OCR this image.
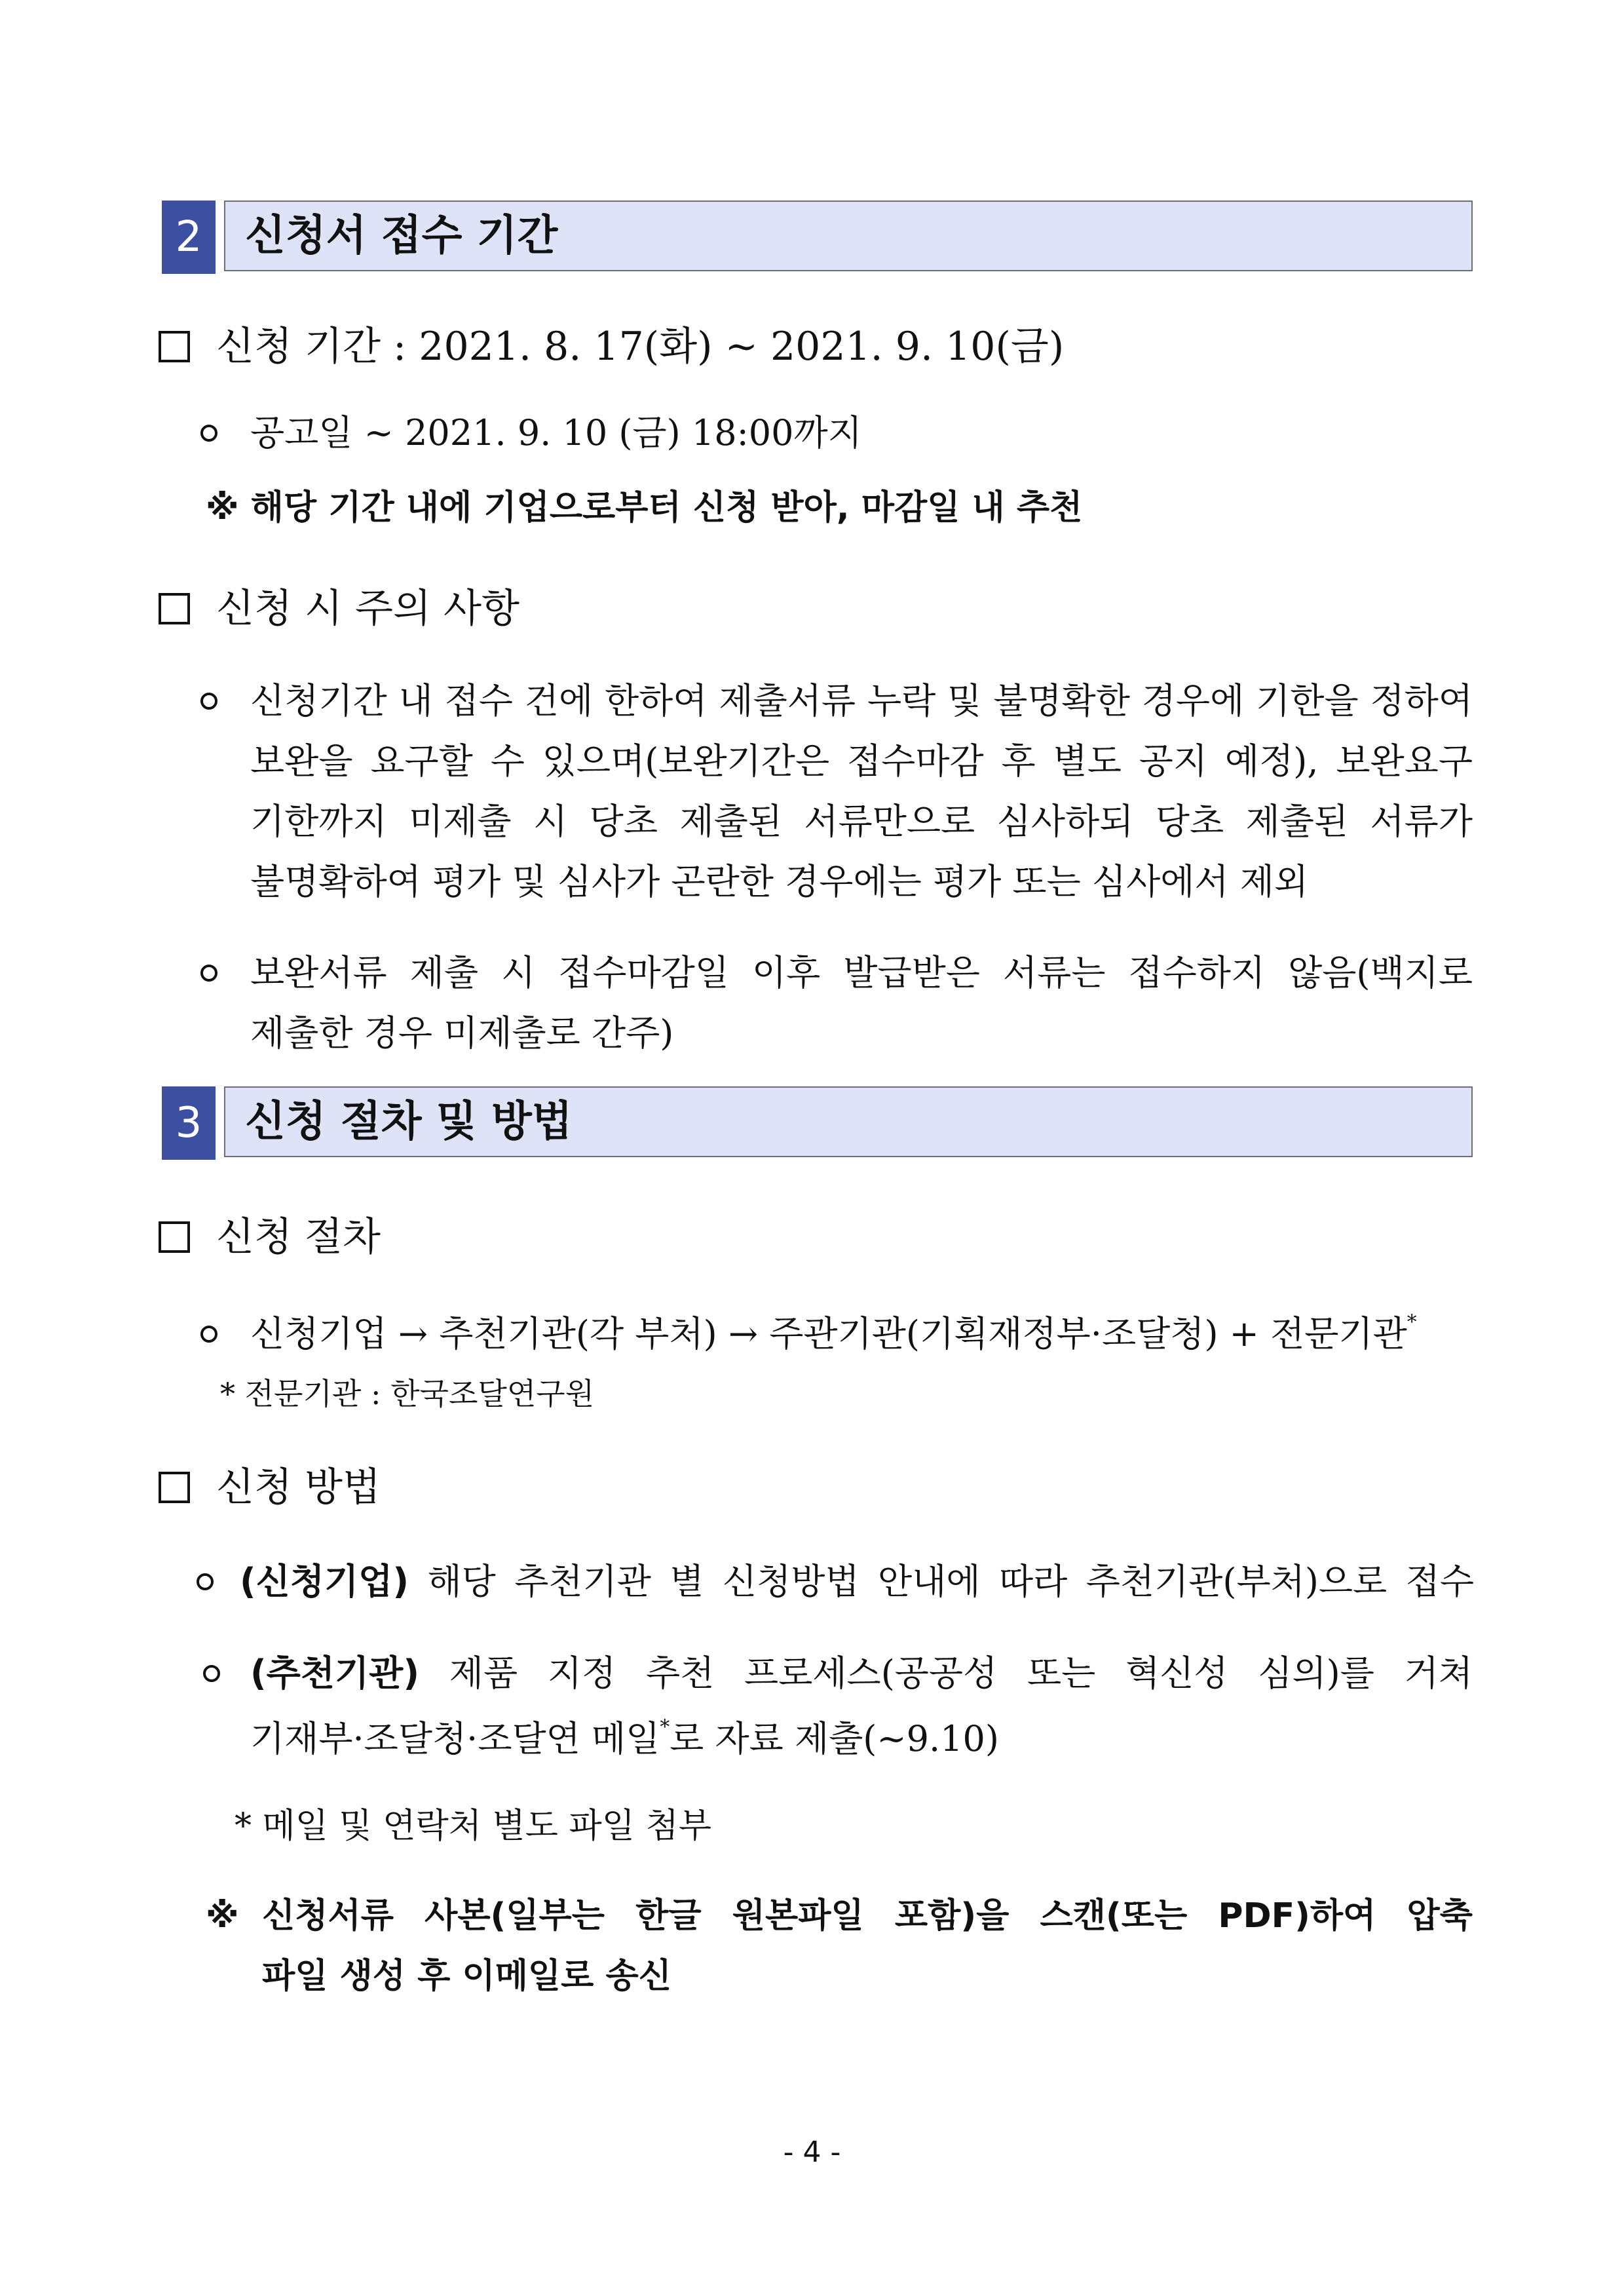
2	신청서 접수 기간
신청 기간 : 2021. 8. 17(화) ~ 2021. 9. 10(금)
공고일 ~ 2021. 9. 10 (금) 18:00까지
※ 해당 기간 내에 기업으로부터 신청 받아, 마감일 내 추천
신청 시 주의 사항
신청기간 내 접수 건에 한하여 제출서류 누락 및 불명확한 경우에 기한을 정하여
보완을 요구할 수 있으며(보완기간은 접수마감 후 별도 공지 예정), 보완요구
기한까지 미제출 시 당초 제출된 서류만으로 심사하되 당초 제출된 서류가
불명확하여 평가 및 심사가 곤란한 경우에는 평가 또는 심사에서 제외
보완서류 제출 시 접수마감일 이후 발급받은 서류는 접수하지 않음(백지로
제출한 경우 미제출로 간주)
3	신청 절차 및 방법
신청 절차
신청기업 → 추천기관(각 부처) → 주관기관(기획재정부·조달청) + 전문기관*
* 전문기관 : 한국조달연구원
신청 방법
(신청기업) 해당 추천기관 별 신청방법 안내에 따라 추천기관(부처)으로 접수
(추천기관) 제품 지정 추천 프로세스(공공성 또는 혁신성 심의)를 거쳐
기재부·조달청·조달연 메일*로 자료 제출(~9.10)
* 메일 및 연락처 별도 파일 첨부
※ 신청서류 사본(일부는 한글 원본파일 포함)을 스캔(또는 PDF)하여 압축
파일 생성 후 이메일로 송신
- 4 -
